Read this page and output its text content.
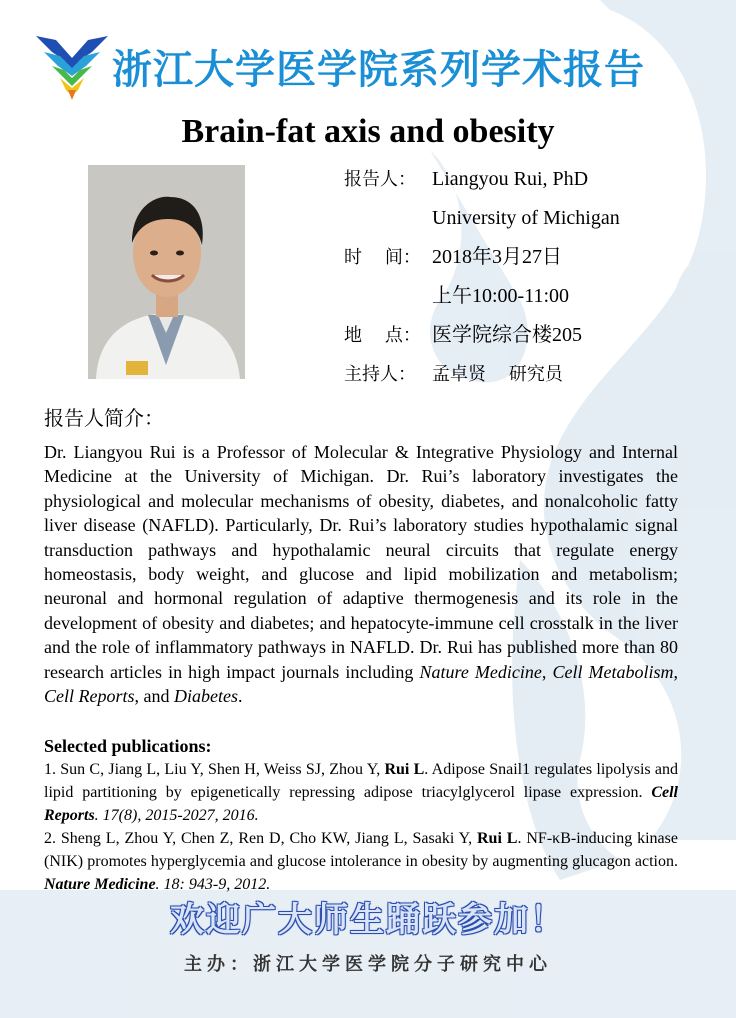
浙江大学医学院系列学术报告
Brain-fat axis and obesity
报告人： Liangyou Rui, PhD
University of Michigan
时    间： 2018年3月27日
上午10:00-11:00
地    点： 医学院综合楼205
主持人： 孟卓贤    研究员
报告人简介：

Dr. Liangyou Rui is a Professor of Molecular & Integrative Physiology and Internal Medicine at the University of Michigan. Dr. Rui’s laboratory investigates the physiological and molecular mechanisms of obesity, diabetes, and nonalcoholic fatty liver disease (NAFLD). Particularly, Dr. Rui’s laboratory studies hypothalamic signal transduction pathways and hypothalamic neural circuits that regulate energy homeostasis, body weight, and glucose and lipid mobilization and metabolism; neuronal and hormonal regulation of adaptive thermogenesis and its role in the development of obesity and diabetes; and hepatocyte-immune cell crosstalk in the liver and the role of inflammatory pathways in NAFLD. Dr. Rui has published more than 80 research articles in high impact journals including Nature Medicine, Cell Metabolism, Cell Reports, and Diabetes.

Selected publications:

1. Sun C, Jiang L, Liu Y, Shen H, Weiss SJ, Zhou Y, Rui L. Adipose Snail1 regulates lipolysis and lipid partitioning by epigenetically repressing adipose triacylglycerol lipase expression. Cell Reports. 17(8), 2015-2027, 2016.

2. Sheng L, Zhou Y, Chen Z, Ren D, Cho KW, Jiang L, Sasaki Y, Rui L. NF-κB-inducing kinase (NIK) promotes hyperglycemia and glucose intolerance in obesity by augmenting glucagon action. Nature Medicine. 18: 943-9, 2012.

欢迎广大师生踊跃参加！
主办：浙江大学医学院分子研究中心
